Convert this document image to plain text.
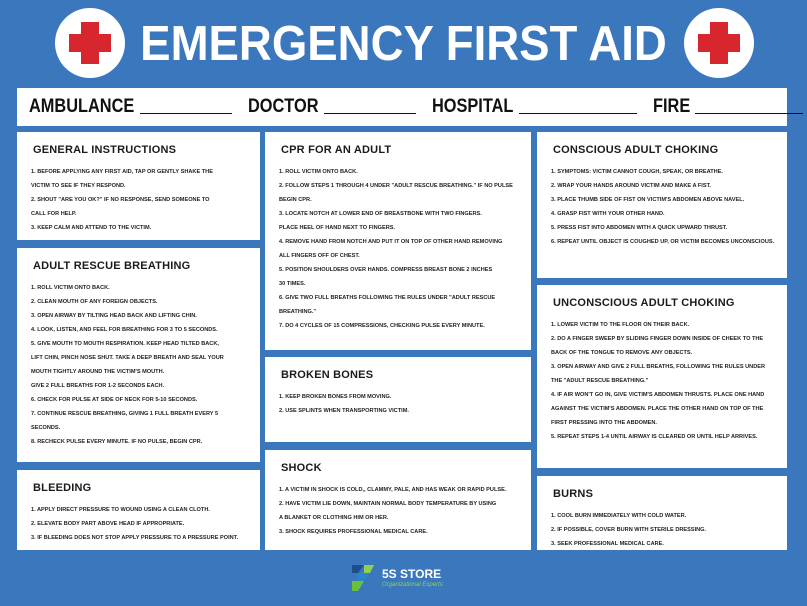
EMERGENCY FIRST AID
AMBULANCE	DOCTOR	HOSPITAL	FIRE
GENERAL INSTRUCTIONS
1. BEFORE APPLYING ANY FIRST AID, TAP OR GENTLY SHAKE THE
VICTIM TO SEE IF THEY RESPOND.
2. SHOUT "ARE YOU OK?" IF NO RESPONSE, SEND SOMEONE TO
CALL FOR HELP.
3. KEEP CALM AND ATTEND TO THE VICTIM.
ADULT RESCUE BREATHING
1. ROLL VICTIM ONTO BACK.
2. CLEAN MOUTH OF ANY FOREIGN OBJECTS.
3. OPEN AIRWAY BY TILTING HEAD BACK AND LIFTING CHIN.
4. LOOK, LISTEN, AND FEEL FOR BREATHING FOR 3 TO 5 SECONDS.
5. GIVE MOUTH TO MOUTH RESPIRATION. KEEP HEAD TILTED BACK,
LIFT CHIN, PINCH NOSE SHUT. TAKE A DEEP BREATH AND SEAL YOUR
MOUTH TIGHTLY AROUND THE VICTIM'S MOUTH.
GIVE 2 FULL BREATHS FOR 1-2 SECONDS EACH.
6. CHECK FOR PULSE AT SIDE OF NECK FOR 5-10 SECONDS.
7. CONTINUE RESCUE BREATHING, GIVING 1 FULL BREATH EVERY 5
SECONDS.
8. RECHECK PULSE EVERY MINUTE. IF NO PULSE, BEGIN CPR.
BLEEDING
1. APPLY DIRECT PRESSURE TO WOUND USING A CLEAN CLOTH.
2. ELEVATE BODY PART ABOVE HEAD IF APPROPRIATE.
3. IF BLEEDING DOES NOT STOP APPLY PRESSURE TO A PRESSURE POINT.
CPR FOR AN ADULT
1. ROLL VICTIM ONTO BACK.
2. FOLLOW STEPS 1 THROUGH 4 UNDER "ADULT RESCUE BREATHING." IF NO PULSE
BEGIN CPR.
3. LOCATE NOTCH AT LOWER END OF BREASTBONE WITH TWO FINGERS.
PLACE HEEL OF HAND NEXT TO FINGERS.
4. REMOVE HAND FROM NOTCH AND PUT IT ON TOP OF OTHER HAND REMOVING
ALL FINGERS OFF OF CHEST.
5. POSITION SHOULDERS OVER HANDS. COMPRESS BREAST BONE 2 INCHES
30 TIMES.
6. GIVE TWO FULL BREATHS FOLLOWING THE RULES UNDER "ADULT RESCUE
BREATHING."
7. DO 4 CYCLES OF 15 COMPRESSIONS, CHECKING PULSE EVERY MINUTE.
BROKEN BONES
1. KEEP BROKEN BONES FROM MOVING.
2. USE SPLINTS WHEN TRANSPORTING VICTIM.
SHOCK
1. A VICTIM IN SHOCK IS COLD,, CLAMMY, PALE, AND HAS WEAK OR RAPID PULSE.
2. HAVE VICTIM LIE DOWN, MAINTAIN NORMAL BODY TEMPERATURE BY USING
A BLANKET OR CLOTHING HIM OR HER.
3. SHOCK REQUIRES PROFESSIONAL MEDICAL CARE.
CONSCIOUS ADULT CHOKING
1. SYMPTOMS: VICTIM CANNOT COUGH, SPEAK, OR BREATHE.
2. WRAP YOUR HANDS AROUND VICTIM AND MAKE A FIST.
3. PLACE THUMB SIDE OF FIST ON VICTIM'S ABDOMEN ABOVE NAVEL.
4. GRASP FIST WITH YOUR OTHER HAND.
5. PRESS FIST INTO ABDOMEN WITH A QUICK UPWARD THRUST.
6. REPEAT UNTIL OBJECT IS COUGHED UP, OR VICTIM BECOMES UNCONSCIOUS.
UNCONSCIOUS ADULT CHOKING
1. LOWER VICTIM TO THE FLOOR ON THEIR BACK.
2. DO A FINGER SWEEP BY SLIDING FINGER DOWN INSIDE OF CHEEK TO THE
BACK OF THE TONGUE TO REMOVE ANY OBJECTS.
3. OPEN AIRWAY AND GIVE 2 FULL BREATHS, FOLLOWING THE RULES UNDER
THE "ADULT RESCUE BREATHING."
4. IF AIR WON'T GO IN, GIVE VICTIM'S ABDOMEN THRUSTS. PLACE ONE HAND
AGAINST THE VICTIM'S ABDOMEN. PLACE THE OTHER HAND ON TOP OF THE
FIRST PRESSING INTO THE ABDOMEN.
5. REPEAT STEPS 1-4 UNTIL AIRWAY IS CLEARED OR UNTIL HELP ARRIVES.
BURNS
1. COOL BURN IMMEDIATELY WITH COLD WATER.
2. IF POSSIBLE, COVER BURN WITH STERILE DRESSING.
3. SEEK PROFESSIONAL MEDICAL CARE.
5S STORE
Organizational Experts
